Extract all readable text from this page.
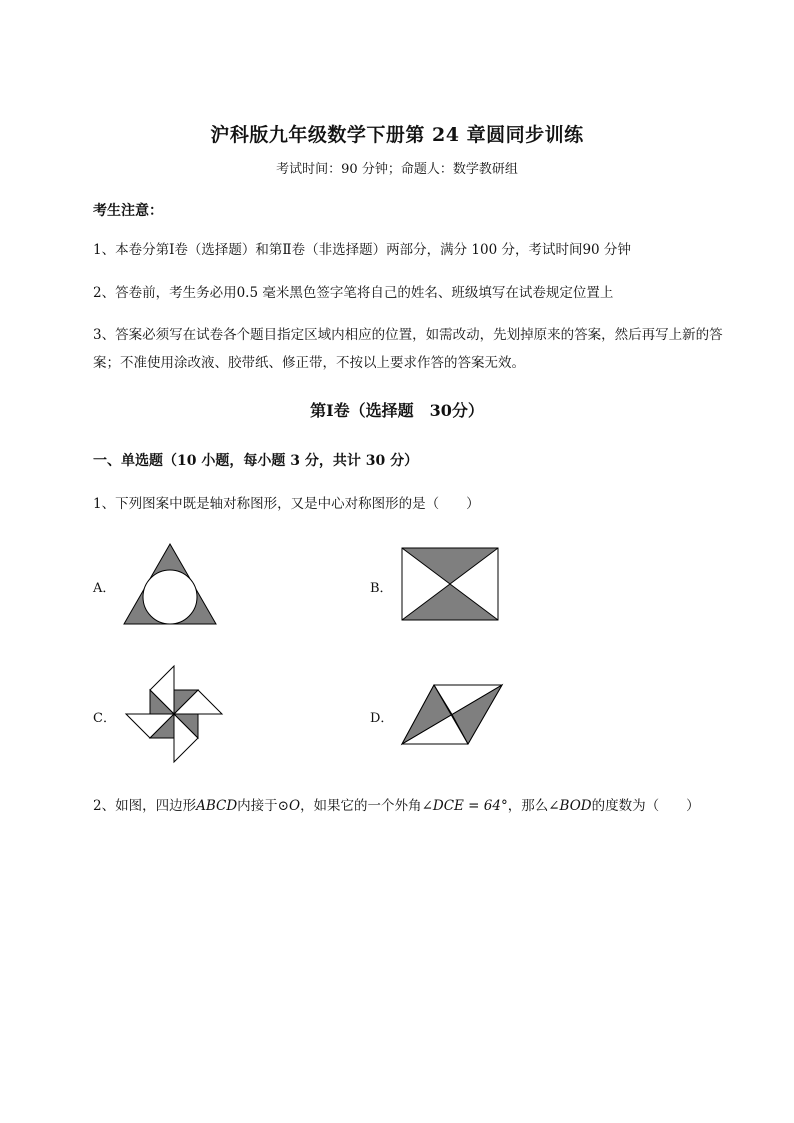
沪科版九年级数学下册第 24 章圆同步训练
考试时间：90 分钟；命题人：数学教研组
考生注意：
1、本卷分第Ⅰ卷（选择题）和第Ⅱ卷（非选择题）两部分，满分 100 分，考试时间90 分钟
2、答卷前，考生务必用0.5 毫米黑色签字笔将自己的姓名、班级填写在试卷规定位置上
3、答案必须写在试卷各个题目指定区域内相应的位置，如需改动，先划掉原来的答案，然后再写上新的答案；不准使用涂改液、胶带纸、修正带，不按以上要求作答的答案无效。
第Ⅰ卷（选择题　30分）
一、单选题（10 小题，每小题 3 分，共计 30 分）
1、下列图案中既是轴对称图形，又是中心对称图形的是（　　）
A．	B．
C．	D．
2、如图，四边形ABCD内接于⊙O，如果它的一个外角∠DCE = 64°，那么∠BOD的度数为（　　）
